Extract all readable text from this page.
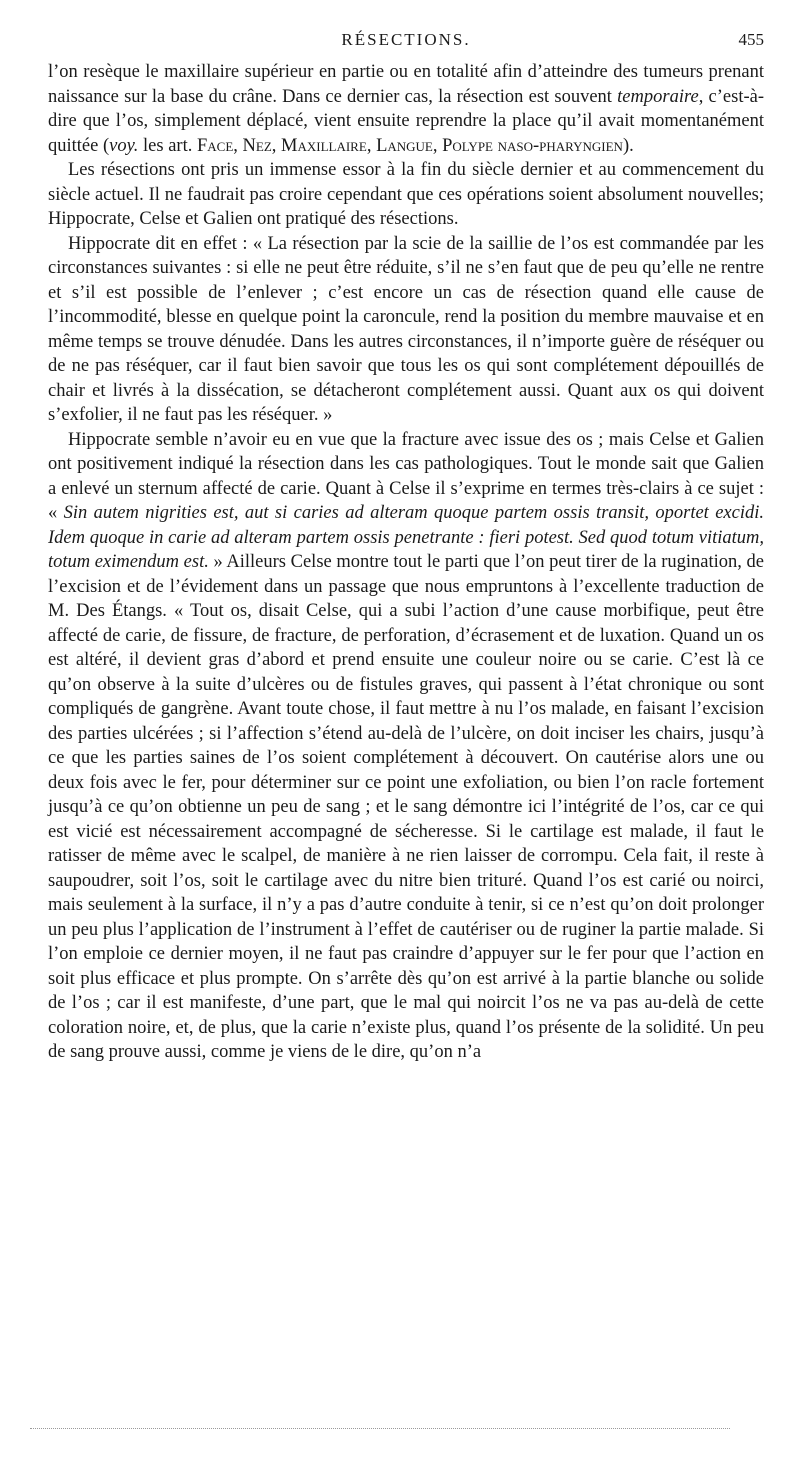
RÉSECTIONS.	455

l’on resèque le maxillaire supérieur en partie ou en totalité afin d’atteindre des tumeurs prenant naissance sur la base du crâne. Dans ce dernier cas, la résection est souvent temporaire, c’est-à-dire que l’os, simplement déplacé, vient ensuite reprendre la place qu’il avait momentanément quittée (voy. les art. Face, Nez, Maxillaire, Langue, Polype naso-pharyngien).

Les résections ont pris un immense essor à la fin du siècle dernier et au commencement du siècle actuel. Il ne faudrait pas croire cependant que ces opérations soient absolument nouvelles; Hippocrate, Celse et Galien ont pratiqué des résections.

Hippocrate dit en effet : « La résection par la scie de la saillie de l’os est commandée par les circonstances suivantes : si elle ne peut être réduite, s’il ne s’en faut que de peu qu’elle ne rentre et s’il est possible de l’enlever ; c’est encore un cas de résection quand elle cause de l’incommodité, blesse en quelque point la caroncule, rend la position du membre mauvaise et en même temps se trouve dénudée. Dans les autres circonstances, il n’importe guère de réséquer ou de ne pas réséquer, car il faut bien savoir que tous les os qui sont complétement dépouillés de chair et livrés à la dissécation, se détacheront complétement aussi. Quant aux os qui doivent s’exfolier, il ne faut pas les réséquer. »

Hippocrate semble n’avoir eu en vue que la fracture avec issue des os ; mais Celse et Galien ont positivement indiqué la résection dans les cas pathologiques. Tout le monde sait que Galien a enlevé un sternum affecté de carie. Quant à Celse il s’exprime en termes très-clairs à ce sujet : « Sin autem nigrities est, aut si caries ad alteram quoque partem ossis transit, oportet excidi. Idem quoque in carie ad alteram partem ossis penetrante : fieri potest. Sed quod totum vitiatum, totum eximendum est. » Ailleurs Celse montre tout le parti que l’on peut tirer de la rugination, de l’excision et de l’évidement dans un passage que nous empruntons à l’excellente traduction de M. Des Étangs. « Tout os, disait Celse, qui a subi l’action d’une cause morbifique, peut être affecté de carie, de fissure, de fracture, de perforation, d’écrasement et de luxation. Quand un os est altéré, il devient gras d’abord et prend ensuite une couleur noire ou se carie. C’est là ce qu’on observe à la suite d’ulcères ou de fistules graves, qui passent à l’état chronique ou sont compliqués de gangrène. Avant toute chose, il faut mettre à nu l’os malade, en faisant l’excision des parties ulcérées ; si l’affection s’étend au-delà de l’ulcère, on doit inciser les chairs, jusqu’à ce que les parties saines de l’os soient complétement à découvert. On cautérise alors une ou deux fois avec le fer, pour déterminer sur ce point une exfoliation, ou bien l’on racle fortement jusqu’à ce qu’on obtienne un peu de sang ; et le sang démontre ici l’intégrité de l’os, car ce qui est vicié est nécessairement accompagné de sécheresse. Si le cartilage est malade, il faut le ratisser de même avec le scalpel, de manière à ne rien laisser de corrompu. Cela fait, il reste à saupoudrer, soit l’os, soit le cartilage avec du nitre bien trituré. Quand l’os est carié ou noirci, mais seulement à la surface, il n’y a pas d’autre conduite à tenir, si ce n’est qu’on doit prolonger un peu plus l’application de l’instrument à l’effet de cautériser ou de ruginer la partie malade. Si l’on emploie ce dernier moyen, il ne faut pas craindre d’appuyer sur le fer pour que l’action en soit plus efficace et plus prompte. On s’arrête dès qu’on est arrivé à la partie blanche ou solide de l’os ; car il est manifeste, d’une part, que le mal qui noircit l’os ne va pas au-delà de cette coloration noire, et, de plus, que la carie n’existe plus, quand l’os présente de la solidité. Un peu de sang prouve aussi, comme je viens de le dire, qu’on n’a
